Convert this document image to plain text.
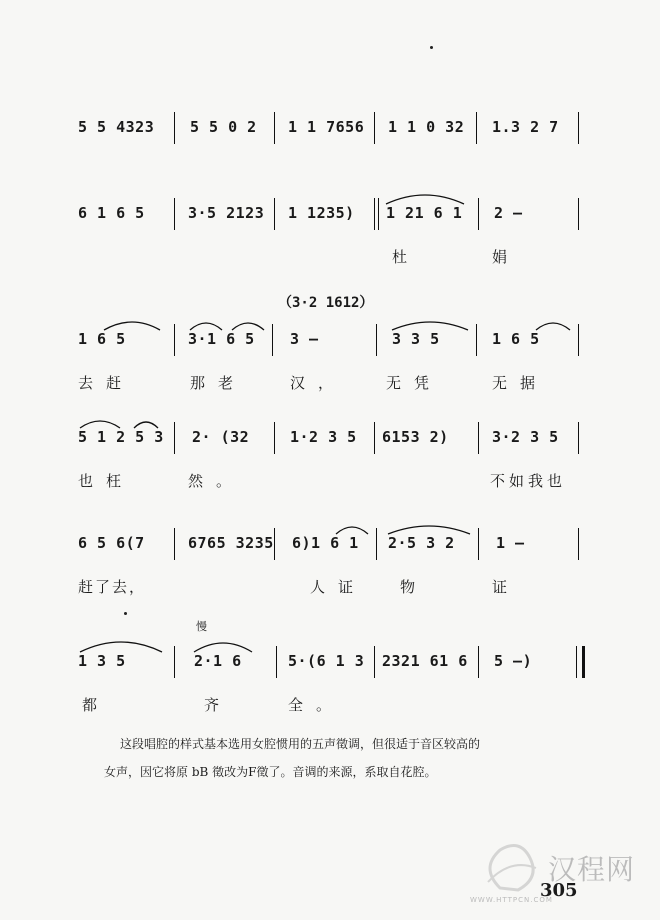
5 5 4323 5 5 0 2 1 1 7656 1 1 0 32 1.3 2 7
6 1 6 5	3·5 2123 1 1235) 1 21 6 1 2 —
杜	娟
（3·2 1612）
1 6 5	3·1 6 5 3 —	3 3 5	1 6 5
去赶	那老	汉，	无凭	无据
5 1 2 5 3 2· (32	1·2 3 5 6153 2)	3·2 3 5
也枉	然。	不如我也
6 5 6(7	6765 3235 6)1 6 1 2·5 3 2	1 —
赶了去，	人证 物	证
慢
1 3 5	2·1 6	5·(6 1 3 2321 61 6 5 —)
都	齐	全。
这段唱腔的样式基本选用女腔惯用的五声徵调，但很适于音区较高的
女声，因它将原 bB 徵改为F徵了。音调的来源，系取自花腔。
汉程网
WWW.HTTPCN.COM
305
